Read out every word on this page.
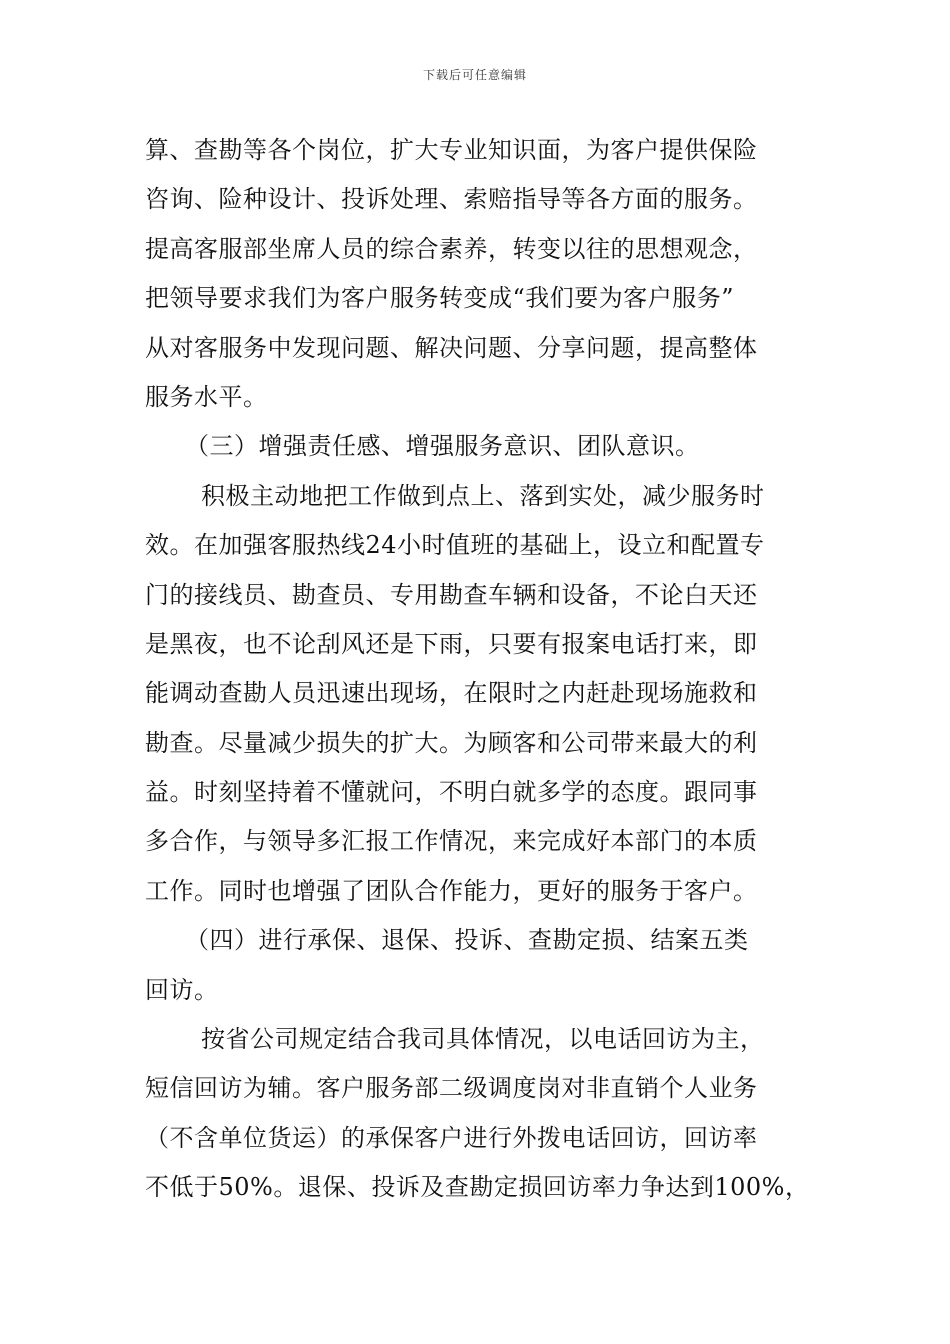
下载后可任意编辑
算、查勘等各个岗位，扩大专业知识面，为客户提供保险
咨询、险种设计、投诉处理、索赔指导等各方面的服务。
提高客服部坐席人员的综合素养，转变以往的思想观念，
把领导要求我们为客户服务转变成“我们要为客户服务”
从对客服务中发现问题、解决问题、分享问题，提高整体
服务水平。
（三）增强责任感、增强服务意识、团队意识。
积极主动地把工作做到点上、落到实处，减少服务时
效。在加强客服热线24小时值班的基础上，设立和配置专
门的接线员、勘查员、专用勘查车辆和设备，不论白天还
是黑夜，也不论刮风还是下雨，只要有报案电话打来，即
能调动查勘人员迅速出现场，在限时之内赶赴现场施救和
勘查。尽量减少损失的扩大。为顾客和公司带来最大的利
益。时刻坚持着不懂就问，不明白就多学的态度。跟同事
多合作，与领导多汇报工作情况，来完成好本部门的本质
工作。同时也增强了团队合作能力，更好的服务于客户。
（四）进行承保、退保、投诉、查勘定损、结案五类
回访。
按省公司规定结合我司具体情况，以电话回访为主，
短信回访为辅。客户服务部二级调度岗对非直销个人业务
（不含单位货运）的承保客户进行外拨电话回访，回访率
不低于50%。退保、投诉及查勘定损回访率力争达到100%，
